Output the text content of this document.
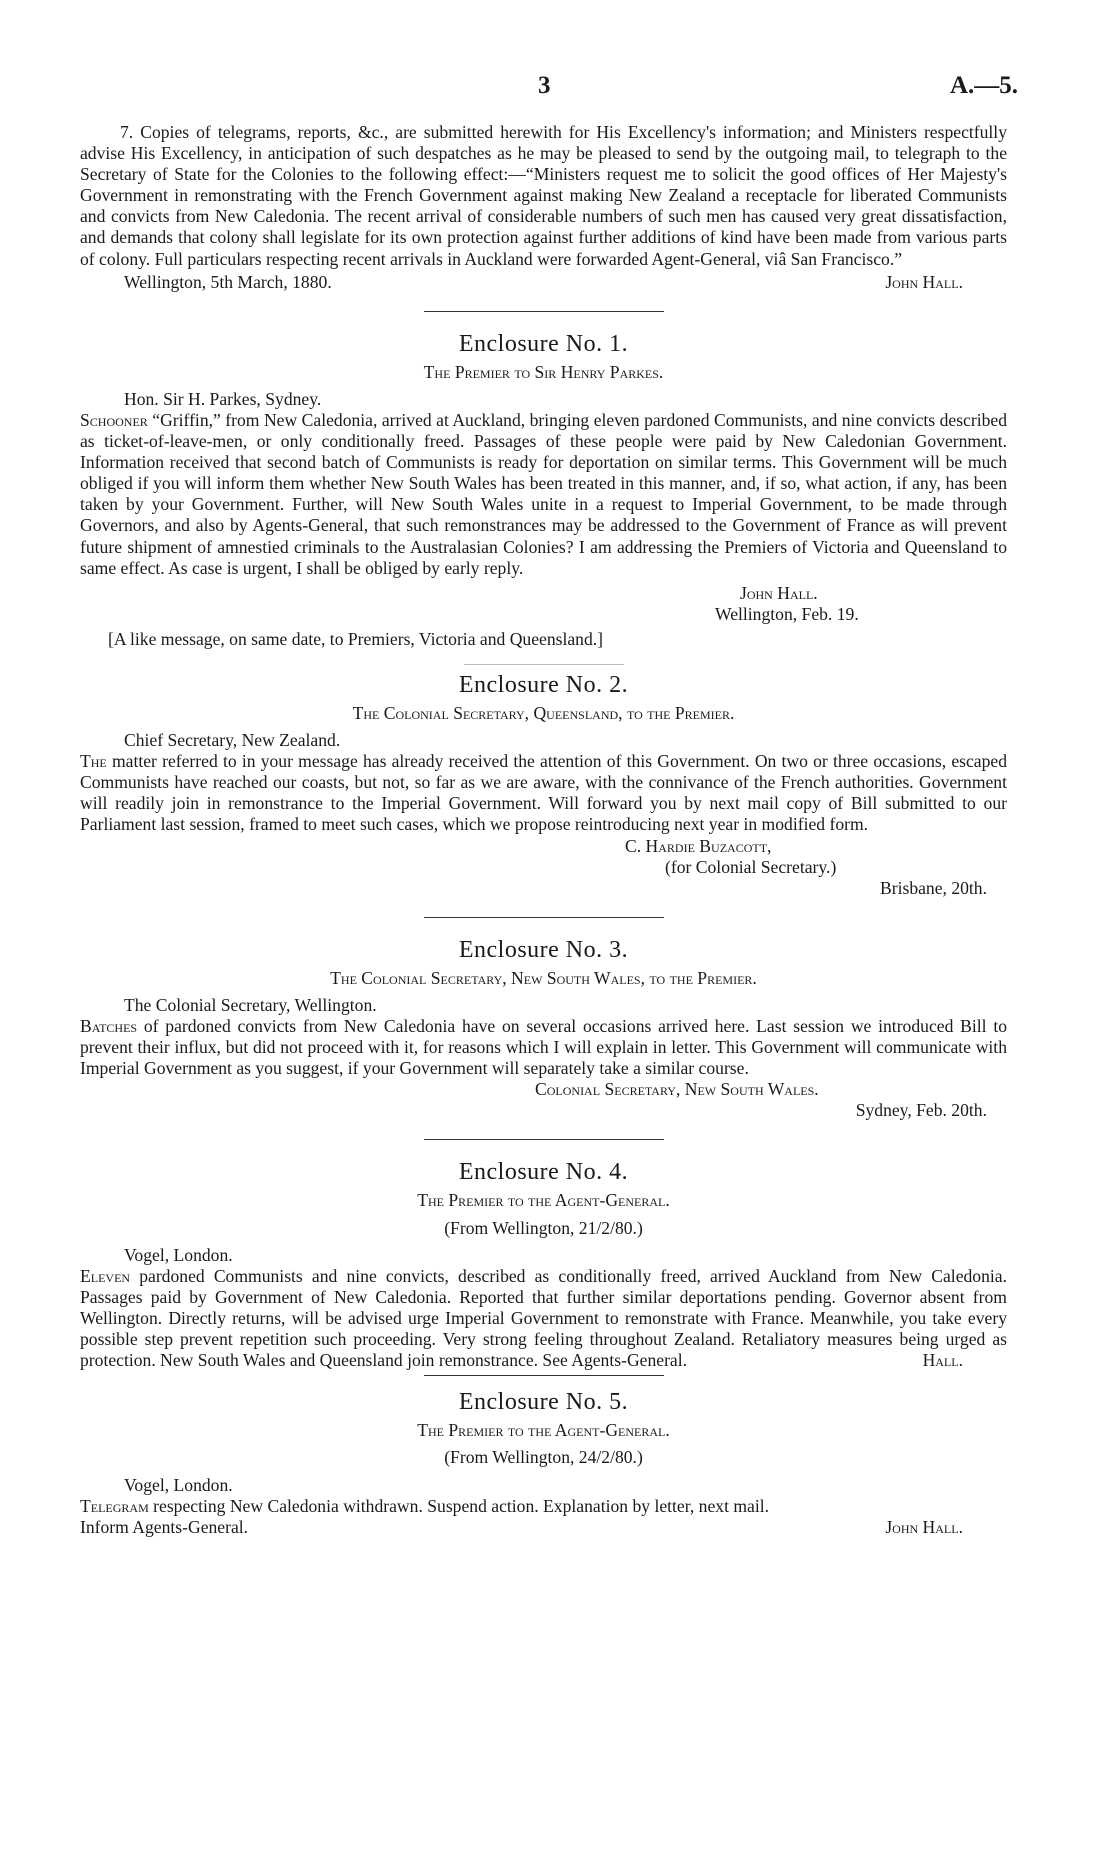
3	A.—5.

7. Copies of telegrams, reports, &c., are submitted herewith for His Excellency's information; and Ministers respectfully advise His Excellency, in anticipation of such despatches as he may be pleased to send by the outgoing mail, to telegraph to the Secretary of State for the Colonies to the following effect:—“Ministers request me to solicit the good offices of Her Majesty's Government in remonstrating with the French Government against making New Zealand a receptacle for liberated Communists and convicts from New Caledonia. The recent arrival of considerable numbers of such men has caused very great dissatisfaction, and demands that colony shall legislate for its own protection against further additions of kind have been made from various parts of colony. Full particulars respecting recent arrivals in Auckland were forwarded Agent-General, viâ San Francisco.”

Wellington, 5th March, 1880.	John Hall.
Enclosure No. 1.
The Premier to Sir Henry Parkes.

Hon. Sir H. Parkes, Sydney.

Schooner “Griffin,” from New Caledonia, arrived at Auckland, bringing eleven pardoned Communists, and nine convicts described as ticket-of-leave-men, or only conditionally freed. Passages of these people were paid by New Caledonian Government. Information received that second batch of Communists is ready for deportation on similar terms. This Government will be much obliged if you will inform them whether New South Wales has been treated in this manner, and, if so, what action, if any, has been taken by your Government. Further, will New South Wales unite in a request to Imperial Government, to be made through Governors, and also by Agents-General, that such remonstrances may be addressed to the Government of France as will prevent future shipment of amnestied criminals to the Australasian Colonies? I am addressing the Premiers of Victoria and Queensland to same effect. As case is urgent, I shall be obliged by early reply.

John Hall.

Wellington, Feb. 19.

[A like message, on same date, to Premiers, Victoria and Queensland.]

Enclosure No. 2.
The Colonial Secretary, Queensland, to the Premier.

Chief Secretary, New Zealand.

The matter referred to in your message has already received the attention of this Government. On two or three occasions, escaped Communists have reached our coasts, but not, so far as we are aware, with the connivance of the French authorities. Government will readily join in remonstrance to the Imperial Government. Will forward you by next mail copy of Bill submitted to our Parliament last session, framed to meet such cases, which we propose reintroducing next year in modified form.

C. Hardie Buzacott,

(for Colonial Secretary.)

Brisbane, 20th.

Enclosure No. 3.
The Colonial Secretary, New South Wales, to the Premier.

The Colonial Secretary, Wellington.

Batches of pardoned convicts from New Caledonia have on several occasions arrived here. Last session we introduced Bill to prevent their influx, but did not proceed with it, for reasons which I will explain in letter. This Government will communicate with Imperial Government as you suggest, if your Government will separately take a similar course.

Colonial Secretary, New South Wales.

Sydney, Feb. 20th.

Enclosure No. 4.
The Premier to the Agent-General.
(From Wellington, 21/2/80.)

Vogel, London.

Eleven pardoned Communists and nine convicts, described as conditionally freed, arrived Auckland from New Caledonia. Passages paid by Government of New Caledonia. Reported that further similar deportations pending. Governor absent from Wellington. Directly returns, will be advised urge Imperial Government to remonstrate with France. Meanwhile, you take every possible step prevent repetition such proceeding. Very strong feeling throughout Zealand. Retaliatory measures being urged as protection. New South Wales and Queensland join remonstrance. See Agents-General.	Hall.

Enclosure No. 5.
The Premier to the Agent-General.
(From Wellington, 24/2/80.)

Vogel, London.

Telegram respecting New Caledonia withdrawn. Suspend action. Explanation by letter, next mail.

Inform Agents-General.	John Hall.
